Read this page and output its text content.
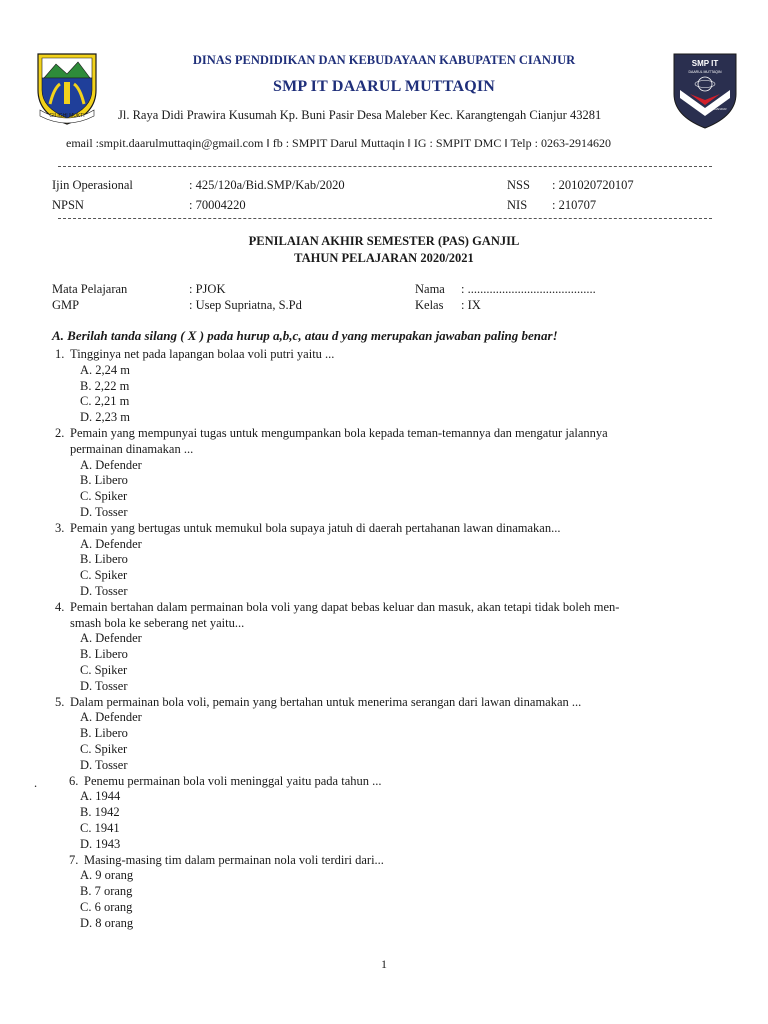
GILIGHI MUKTI
SMP IT
DAARUL MUTTAQIN
CIANJUR
DINAS PENDIDIKAN DAN KEBUDAYAAN KABUPATEN CIANJUR
SMP IT DAARUL MUTTAQIN
Jl. Raya Didi Prawira Kusumah Kp. Buni Pasir Desa Maleber Kec. Karangtengah Cianjur 43281
email :smpit.daarulmuttaqin@gmail.com ǁ fb : SMPIT Darul Muttaqin ǁ IG : SMPIT DMC ǁ Telp : 0263-2914620
Ijin Operasional	: 425/120a/Bid.SMP/Kab/2020	NSS : 201020720107
NPSN	: 70004220	NIS : 210707
PENILAIAN AKHIR SEMESTER (PAS) GANJIL
TAHUN PELAJARAN 2020/2021
Mata Pelajaran	: PJOK	Nama : .........................................
GMP	: Usep Supriatna, S.Pd	Kelas : IX
A. Berilah tanda silang ( X ) pada hurup a,b,c, atau d yang merupakan jawaban paling benar!
1. Tingginya net pada lapangan bolaa voli putri yaitu ...
A. 2,24 m
B. 2,22 m
C. 2,21 m
D. 2,23 m
2. Pemain yang mempunyai tugas untuk mengumpankan bola kepada teman-temannya dan mengatur jalannya
permainan dinamakan ...
A. Defender
B. Libero
C. Spiker
D. Tosser
3. Pemain yang bertugas untuk memukul bola supaya jatuh di daerah pertahanan lawan dinamakan...
A. Defender
B. Libero
C. Spiker
D. Tosser
4. Pemain bertahan dalam permainan bola voli yang dapat bebas keluar dan masuk, akan tetapi tidak boleh men-
smash bola ke seberang net yaitu...
A. Defender
B. Libero
C. Spiker
D. Tosser
5. Dalam permainan bola voli, pemain yang bertahan untuk menerima serangan dari lawan dinamakan ...
A. Defender
B. Libero
C. Spiker
D. Tosser
6. Penemu permainan bola voli meninggal yaitu pada tahun ...
A. 1944
B. 1942
C. 1941
D. 1943
7. Masing-masing tim dalam permainan nola voli terdiri dari...
A. 9 orang
B. 7 orang
C. 6 orang
D. 8 orang
.
1
